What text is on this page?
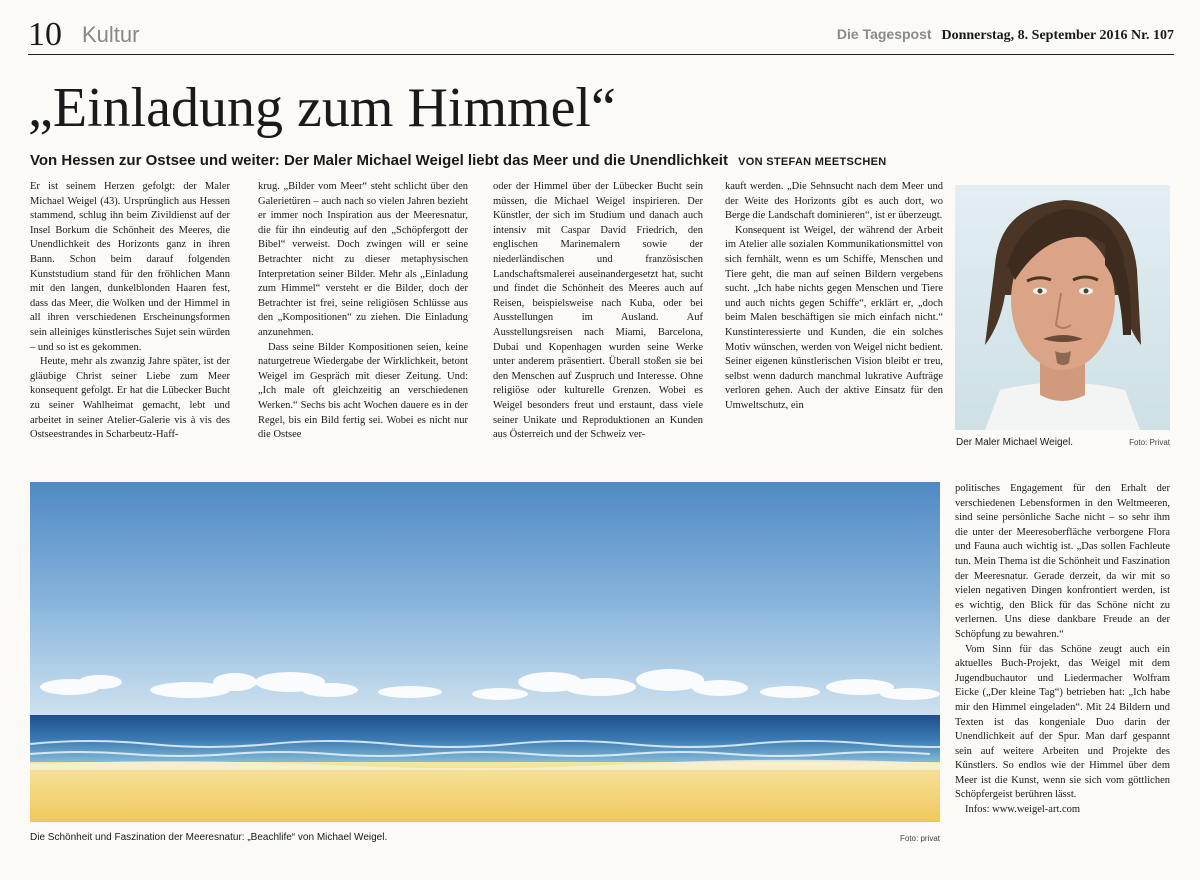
10 Kultur	Die Tagespost Donnerstag, 8. September 2016 Nr. 107
„Einladung zum Himmel“
Von Hessen zur Ostsee und weiter: Der Maler Michael Weigel liebt das Meer und die Unendlichkeit VON STEFAN MEETSCHEN

Er ist seinem Herzen gefolgt: der Maler Michael Weigel (43). Ursprünglich aus Hessen stammend, schlug ihn beim Zivildienst auf der Insel Borkum die Schönheit des Meeres, die Unendlichkeit des Horizonts ganz in ihren Bann. Schon beim darauf folgenden Kunststudium stand für den fröhlichen Mann mit den langen, dunkelblonden Haaren fest, dass das Meer, die Wolken und der Himmel in all ihren verschiedenen Erscheinungsformen sein alleiniges künstlerisches Sujet sein würden – und so ist es gekommen.

Heute, mehr als zwanzig Jahre später, ist der gläubige Christ seiner Liebe zum Meer konsequent gefolgt. Er hat die Lübecker Bucht zu seiner Wahlheimat gemacht, lebt und arbeitet in seiner Atelier-Galerie vis à vis des Ostseestrandes in Scharbeutz-Haff-

krug. „Bilder vom Meer“ steht schlicht über den Galerietüren – auch nach so vielen Jahren bezieht er immer noch Inspiration aus der Meeresnatur, die für ihn eindeutig auf den „Schöpfergott der Bibel“ verweist. Doch zwingen will er seine Betrachter nicht zu dieser metaphysischen Interpretation seiner Bilder. Mehr als „Einladung zum Himmel“ versteht er die Bilder, doch der Betrachter ist frei, seine religiösen Schlüsse aus den „Kompositionen“ zu ziehen. Die Einladung anzunehmen.

Dass seine Bilder Kompositionen seien, keine naturgetreue Wiedergabe der Wirklichkeit, betont Weigel im Gespräch mit dieser Zeitung. Und: „Ich male oft gleichzeitig an verschiedenen Werken.“ Sechs bis acht Wochen dauere es in der Regel, bis ein Bild fertig sei. Wobei es nicht nur die Ostsee

oder der Himmel über der Lübecker Bucht sein müssen, die Michael Weigel inspirieren. Der Künstler, der sich im Studium und danach auch intensiv mit Caspar David Friedrich, den englischen Marinemalern sowie der niederländischen und französischen Landschaftsmalerei auseinandergesetzt hat, sucht und findet die Schönheit des Meeres auch auf Reisen, beispielsweise nach Kuba, oder bei Ausstellungen im Ausland. Auf Ausstellungsreisen nach Miami, Barcelona, Dubai und Kopenhagen wurden seine Werke unter anderem präsentiert. Überall stoßen sie bei den Menschen auf Zuspruch und Interesse. Ohne religiöse oder kulturelle Grenzen. Wobei es Weigel besonders freut und erstaunt, dass viele seiner Unikate und Reproduktionen an Kunden aus Österreich und der Schweiz ver-

kauft werden. „Die Sehnsucht nach dem Meer und der Weite des Horizonts gibt es auch dort, wo Berge die Landschaft dominieren“, ist er überzeugt.

Konsequent ist Weigel, der während der Arbeit im Atelier alle sozialen Kommunikationsmittel von sich fernhält, wenn es um Schiffe, Menschen und Tiere geht, die man auf seinen Bildern vergebens sucht. „Ich habe nichts gegen Menschen und Tiere und auch nichts gegen Schiffe“, erklärt er, „doch beim Malen beschäftigen sie mich einfach nicht.“ Kunstinteressierte und Kunden, die ein solches Motiv wünschen, werden von Weigel nicht bedient. Seiner eigenen künstlerischen Vision bleibt er treu, selbst wenn dadurch manchmal lukrative Aufträge verloren gehen. Auch der aktive Einsatz für den Umweltschutz, ein

Der Maler Michael Weigel.	Foto: Privat
Die Schönheit und Faszination der Meeresnatur: „Beachlife“ von Michael Weigel.	Foto: privat

politisches Engagement für den Erhalt der verschiedenen Lebensformen in den Weltmeeren, sind seine persönliche Sache nicht – so sehr ihm die unter der Meeresoberfläche verborgene Flora und Fauna auch wichtig ist. „Das sollen Fachleute tun. Mein Thema ist die Schönheit und Faszination der Meeresnatur. Gerade derzeit, da wir mit so vielen negativen Dingen konfrontiert werden, ist es wichtig, den Blick für das Schöne nicht zu verlernen. Uns diese dankbare Freude an der Schöpfung zu bewahren.“

Vom Sinn für das Schöne zeugt auch ein aktuelles Buch-Projekt, das Weigel mit dem Jugendbuchautor und Liedermacher Wolfram Eicke („Der kleine Tag“) betrieben hat: „Ich habe mir den Himmel eingeladen“. Mit 24 Bildern und Texten ist das kongeniale Duo darin der Unendlichkeit auf der Spur. Man darf gespannt sein auf weitere Arbeiten und Projekte des Künstlers. So endlos wie der Himmel über dem Meer ist die Kunst, wenn sie sich vom göttlichen Schöpfergeist berühren lässt.

Infos: www.weigel-art.com
